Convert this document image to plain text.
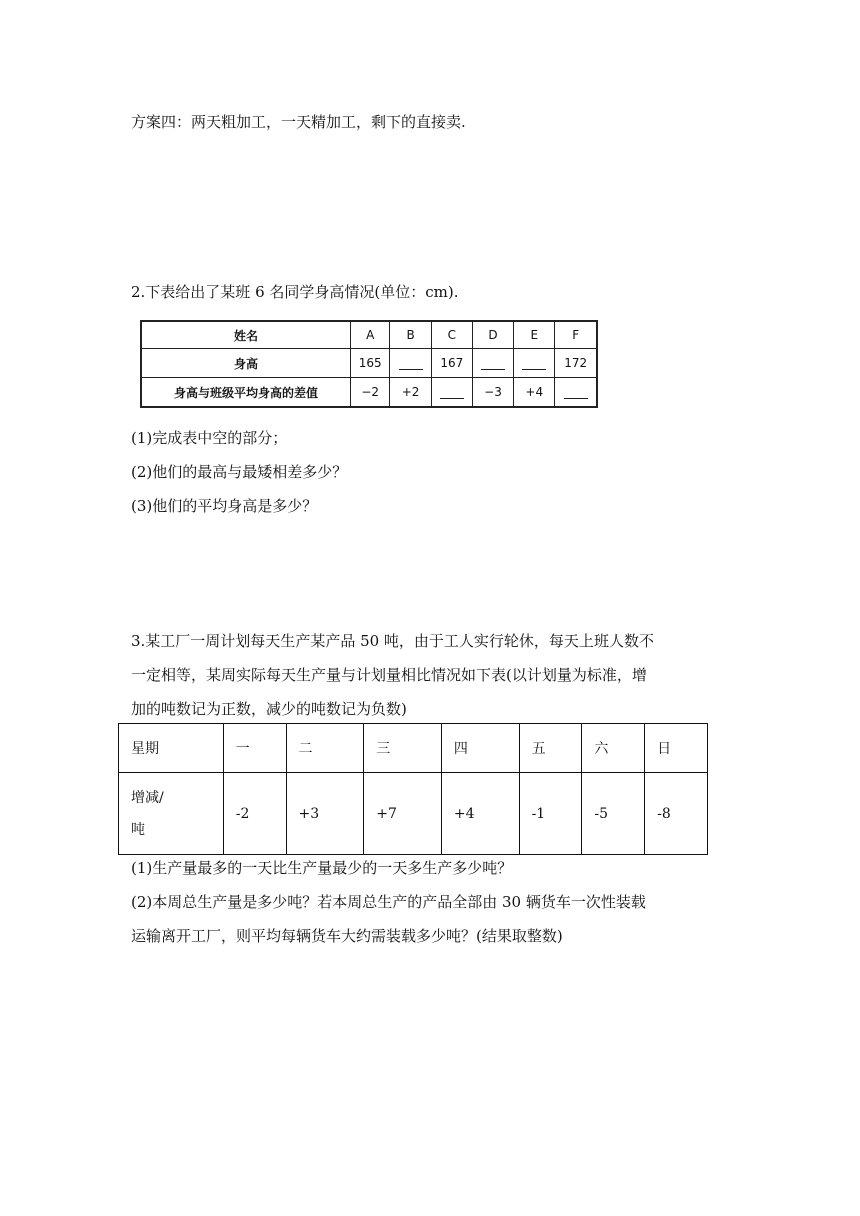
方案四：两天粗加工，一天精加工，剩下的直接卖.
2.下表给出了某班 6 名同学身高情况(单位：cm).
姓名	A	B	C	D	E	F
身高	165		167			172
身高与班级平均身高的差值	−2	+2		−3	+4	
(1)完成表中空的部分；
(2)他们的最高与最矮相差多少？
(3)他们的平均身高是多少？
3.某工厂一周计划每天生产某产品 50 吨，由于工人实行轮休，每天上班人数不
一定相等，某周实际每天生产量与计划量相比情况如下表(以计划量为标准，增
加的吨数记为正数，减少的吨数记为负数)
星期	一	二	三	四	五	六	日

增减/
吨	-2	+3	+7	+4	-1	-5	-8
(1)生产量最多的一天比生产量最少的一天多生产多少吨？
(2)本周总生产量是多少吨？若本周总生产的产品全部由 30 辆货车一次性装载
运输离开工厂，则平均每辆货车大约需装载多少吨？(结果取整数)
